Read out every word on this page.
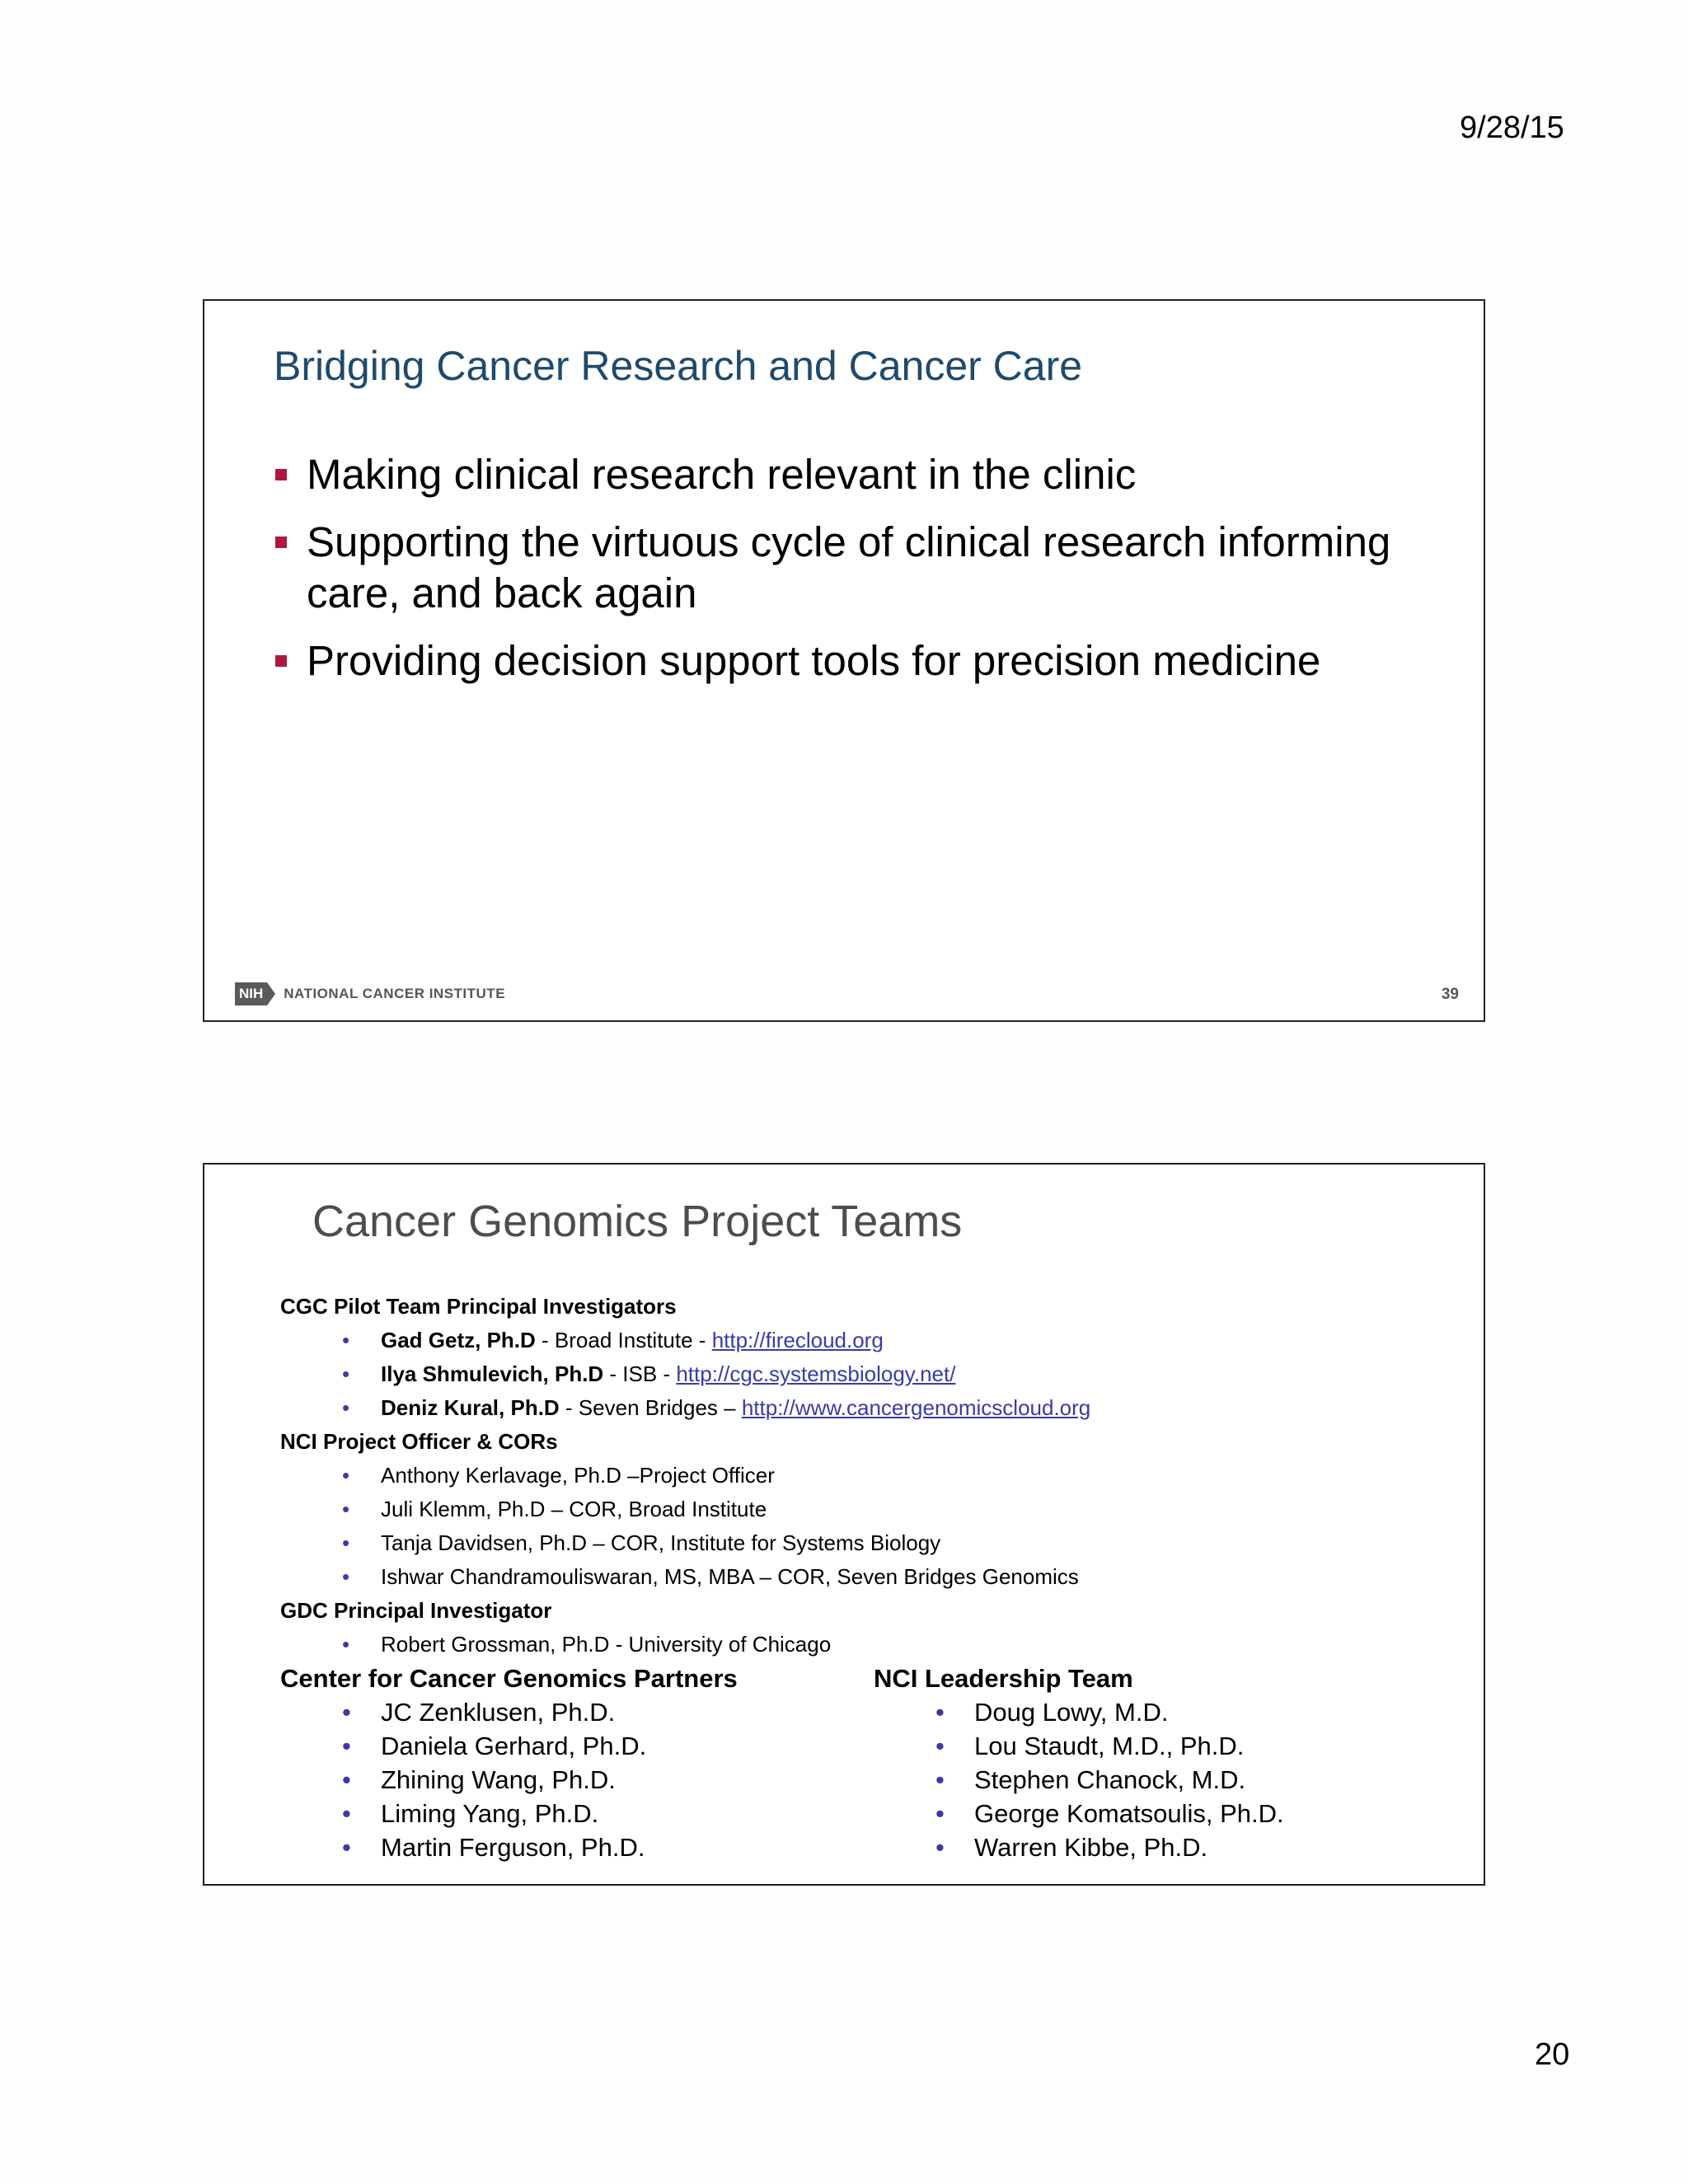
9/28/15
Bridging Cancer Research and Cancer Care
Making clinical research relevant in the clinic
Supporting the virtuous cycle of clinical research informing care, and back again
Providing decision support tools for precision medicine
NIH NATIONAL CANCER INSTITUTE	39
Cancer Genomics Project Teams
CGC Pilot Team Principal Investigators
• Gad Getz, Ph.D - Broad Institute - http://firecloud.org
• Ilya Shmulevich, Ph.D - ISB - http://cgc.systemsbiology.net/
• Deniz Kural, Ph.D - Seven Bridges – http://www.cancergenomicscloud.org
NCI Project Officer & CORs
• Anthony Kerlavage, Ph.D –Project Officer
• Juli Klemm, Ph.D – COR, Broad Institute
• Tanja Davidsen, Ph.D – COR, Institute for Systems Biology
• Ishwar Chandramouliswaran, MS, MBA – COR, Seven Bridges Genomics
GDC Principal Investigator
• Robert Grossman, Ph.D - University of Chicago
Center for Cancer Genomics Partners
• JC Zenklusen, Ph.D.
• Daniela Gerhard, Ph.D.
• Zhining Wang, Ph.D.
• Liming Yang, Ph.D.
• Martin Ferguson, Ph.D.
NCI Leadership Team
• Doug Lowy, M.D.
• Lou Staudt, M.D., Ph.D.
• Stephen Chanock, M.D.
• George Komatsoulis, Ph.D.
• Warren Kibbe, Ph.D.
20
